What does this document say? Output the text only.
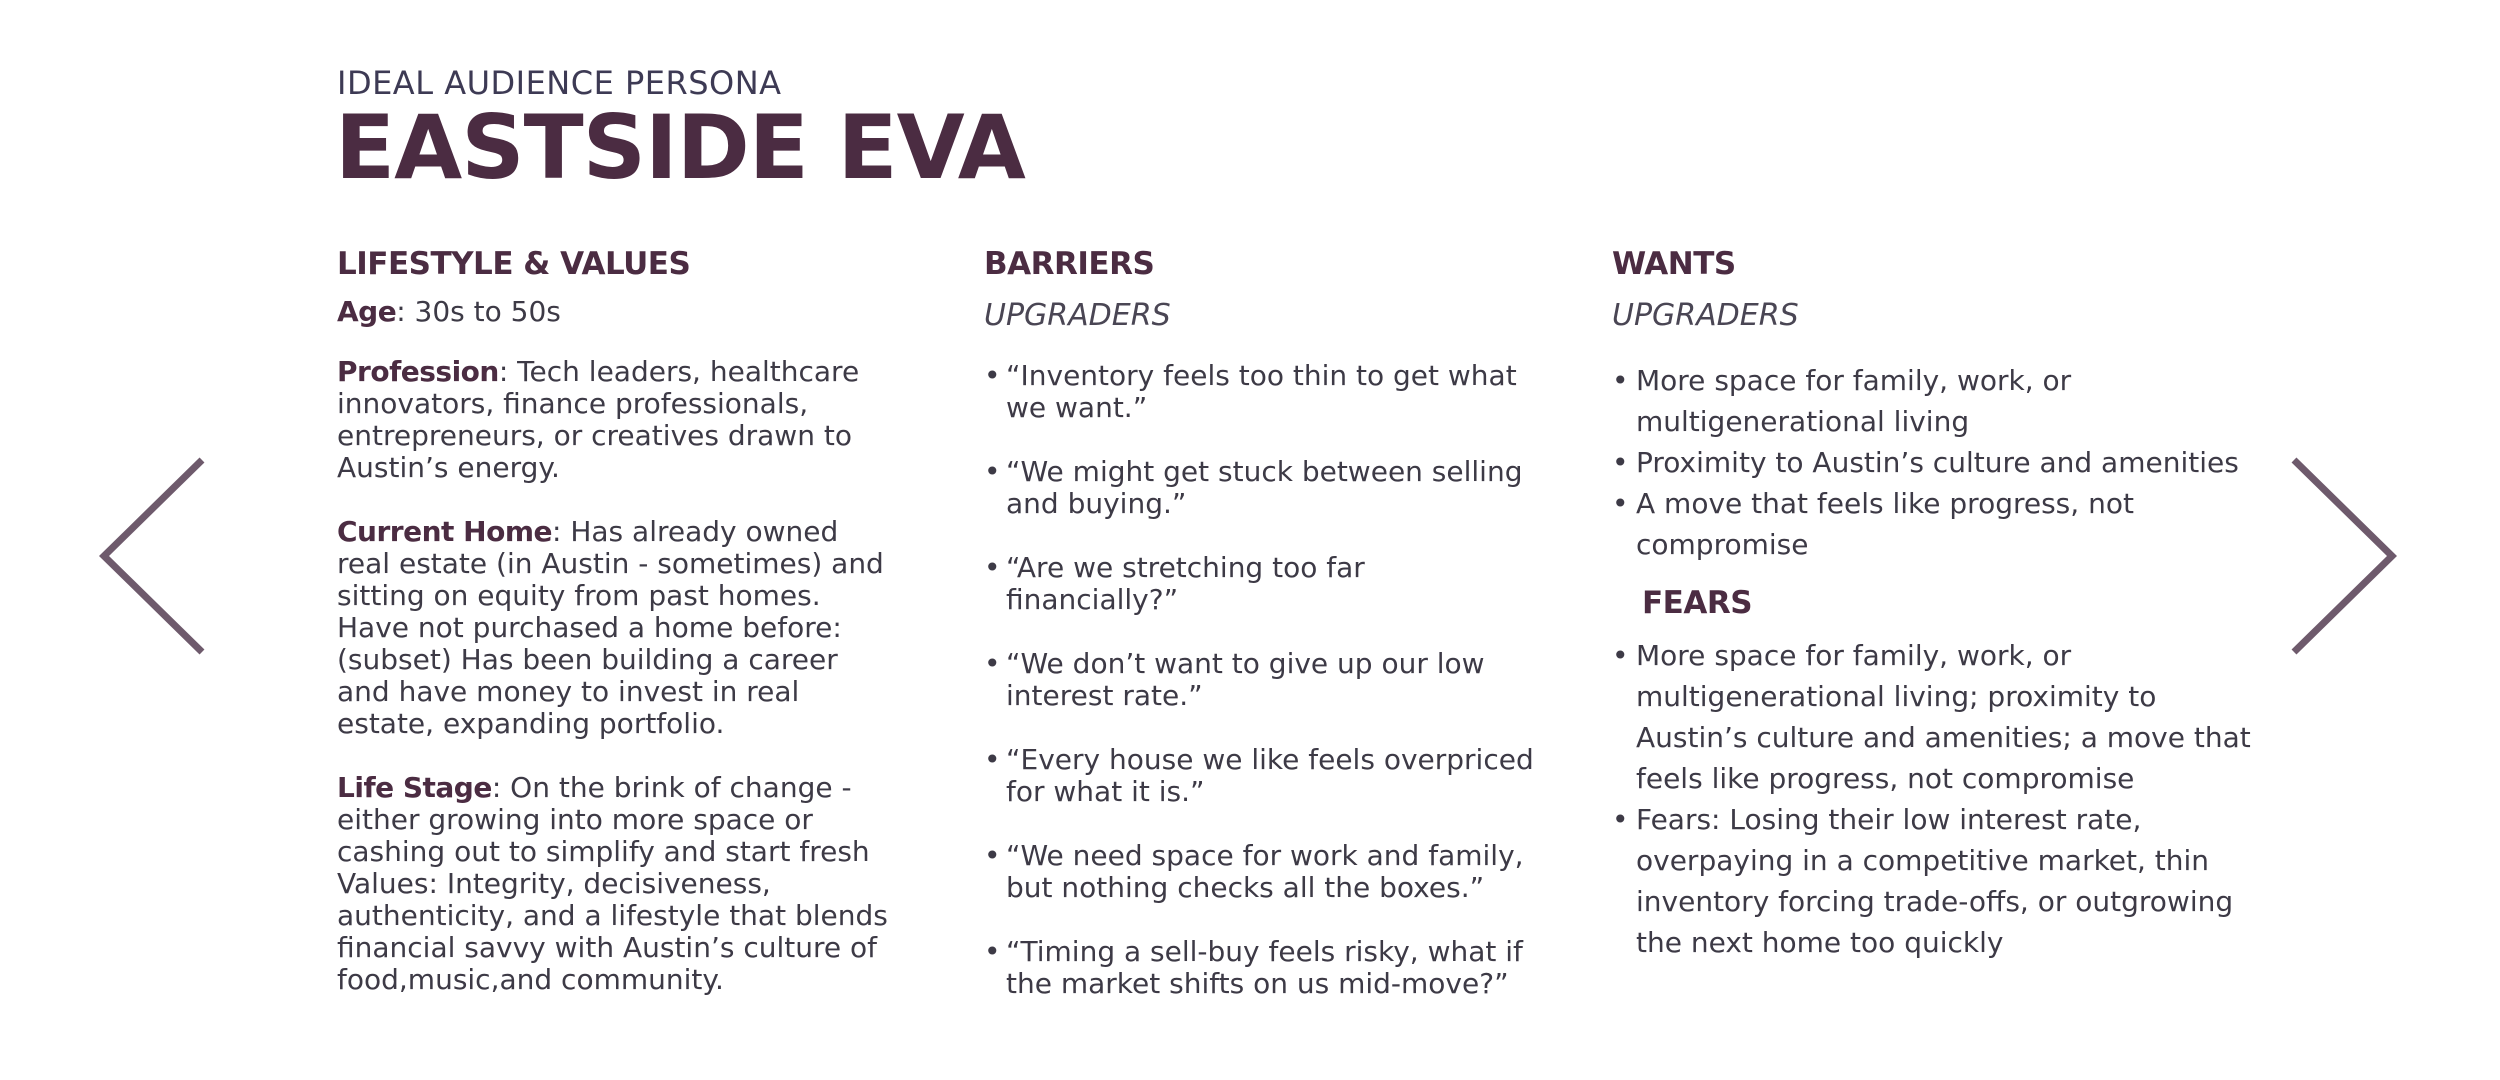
IDEAL AUDIENCE PERSONA
EASTSIDE EVA
LIFESTYLE & VALUES
Age: 30s to 50s
Profession: Tech leaders, healthcare innovators, finance professionals, entrepreneurs, or creatives drawn to Austin’s energy.
Current Home: Has already owned real estate (in Austin - sometimes) and sitting on equity from past homes. Have not purchased a home before: (subset) Has been building a career and have money to invest in real estate, expanding portfolio.
Life Stage: On the brink of change - either growing into more space or cashing out to simplify and start fresh Values: Integrity, decisiveness, authenticity, and a lifestyle that blends financial savvy with Austin’s culture of food,music,and community.
BARRIERS
UPGRADERS
• “Inventory feels too thin to get what we want.”
• “We might get stuck between selling and buying.”
• “Are we stretching too far financially?”
• “We don’t want to give up our low interest rate.”
• “Every house we like feels overpriced for what it is.”
• “We need space for work and family, but nothing checks all the boxes.”
• “Timing a sell-buy feels risky, what if the market shifts on us mid-move?”
WANTS
UPGRADERS
• More space for family, work, or multigenerational living
• Proximity to Austin’s culture and amenities
• A move that feels like progress, not compromise
FEARS
• More space for family, work, or multigenerational living; proximity to Austin’s culture and amenities; a move that feels like progress, not compromise
• Fears: Losing their low interest rate, overpaying in a competitive market, thin inventory forcing trade-offs, or outgrowing the next home too quickly
